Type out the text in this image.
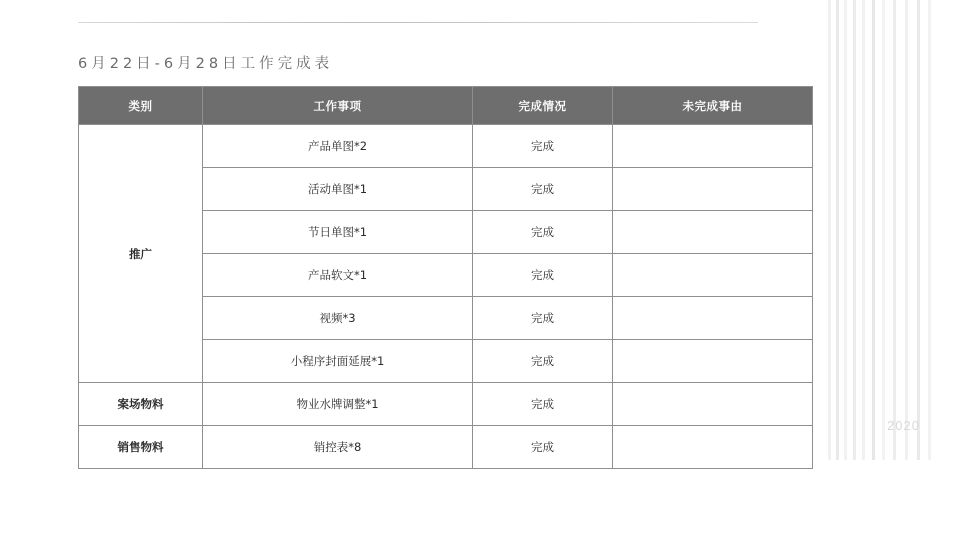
2020
6月22日-6月28日工作完成表
类别	工作事项	完成情况	未完成事由
推广	产品单图*2	完成	
	活动单图*1	完成	
	节日单图*1	完成	
	产品软文*1	完成	
	视频*3	完成	
	小程序封面延展*1	完成	
案场物料	物业水牌调整*1	完成	
销售物料	销控表*8	完成	
